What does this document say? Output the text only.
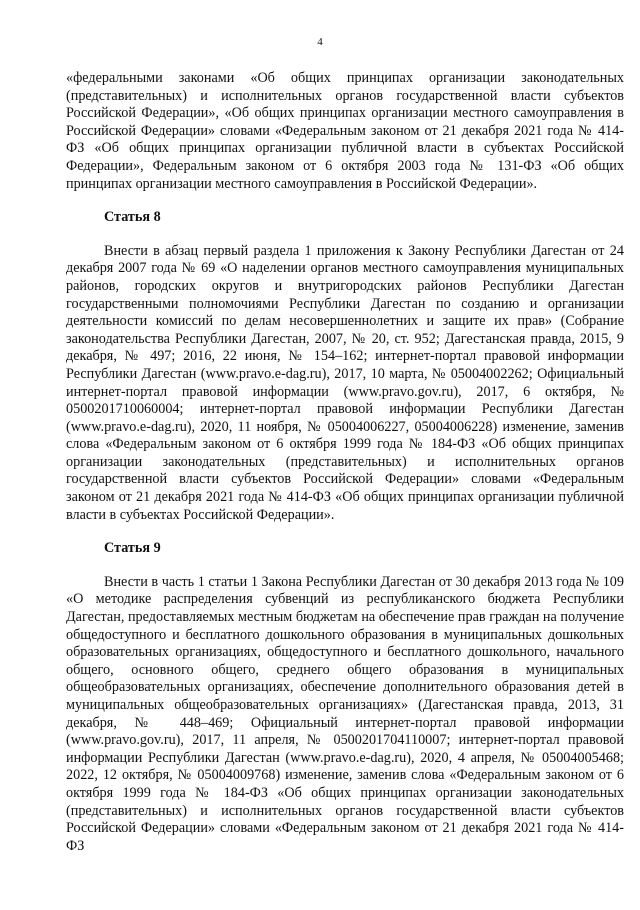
4

«федеральными законами «Об общих принципах организации законодательных (представительных) и исполнительных органов государственной власти субъектов Российской Федерации», «Об общих принципах организации местного самоуправления в Российской Федерации» словами «Федеральным законом от 21 декабря 2021 года № 414-ФЗ «Об общих принципах организации публичной власти в субъектах Российской Федерации», Федеральным законом от 6 октября 2003 года № 131-ФЗ «Об общих принципах организации местного самоуправления в Российской Федерации».

Статья 8

Внести в абзац первый раздела 1 приложения к Закону Республики Дагестан от 24 декабря 2007 года № 69 «О наделении органов местного самоуправления муниципальных районов, городских округов и внутригородских районов Республики Дагестан государственными полномочиями Республики Дагестан по созданию и организации деятельности комиссий по делам несовершеннолетних и защите их прав» (Собрание законодательства Республики Дагестан, 2007, № 20, ст. 952; Дагестанская правда, 2015, 9 декабря, № 497; 2016, 22 июня, № 154–162; интернет-портал правовой информации Республики Дагестан (www.pravo.e-dag.ru), 2017, 10 марта, № 05004002262; Официальный интернет-портал правовой информации (www.pravo.gov.ru), 2017, 6 октября, № 0500201710060004; интернет-портал правовой информации Республики Дагестан (www.pravo.e-dag.ru), 2020, 11 ноября, № 05004006227, 05004006228) изменение, заменив слова «Федеральным законом от 6 октября 1999 года № 184-ФЗ «Об общих принципах организации законодательных (представительных) и исполнительных органов государственной власти субъектов Российской Федерации» словами «Федеральным законом от 21 декабря 2021 года № 414-ФЗ «Об общих принципах организации публичной власти в субъектах Российской Федерации».

Статья 9

Внести в часть 1 статьи 1 Закона Республики Дагестан от 30 декабря 2013 года № 109 «О методике распределения субвенций из республиканского бюджета Республики Дагестан, предоставляемых местным бюджетам на обеспечение прав граждан на получение общедоступного и бесплатного дошкольного образования в муниципальных дошкольных образовательных организациях, общедоступного и бесплатного дошкольного, начального общего, основного общего, среднего общего образования в муниципальных общеобразовательных организациях, обеспечение дополнительного образования детей в муниципальных общеобразовательных организациях» (Дагестанская правда, 2013, 31 декабря, № 448–469; Официальный интернет-портал правовой информации (www.pravo.gov.ru), 2017, 11 апреля, № 0500201704110007; интернет-портал правовой информации Республики Дагестан (www.pravo.e-dag.ru), 2020, 4 апреля, № 05004005468; 2022, 12 октября, № 05004009768) изменение, заменив слова «Федеральным законом от 6 октября 1999 года № 184-ФЗ «Об общих принципах организации законодательных (представительных) и исполнительных органов государственной власти субъектов Российской Федерации» словами «Федеральным законом от 21 декабря 2021 года № 414-ФЗ
